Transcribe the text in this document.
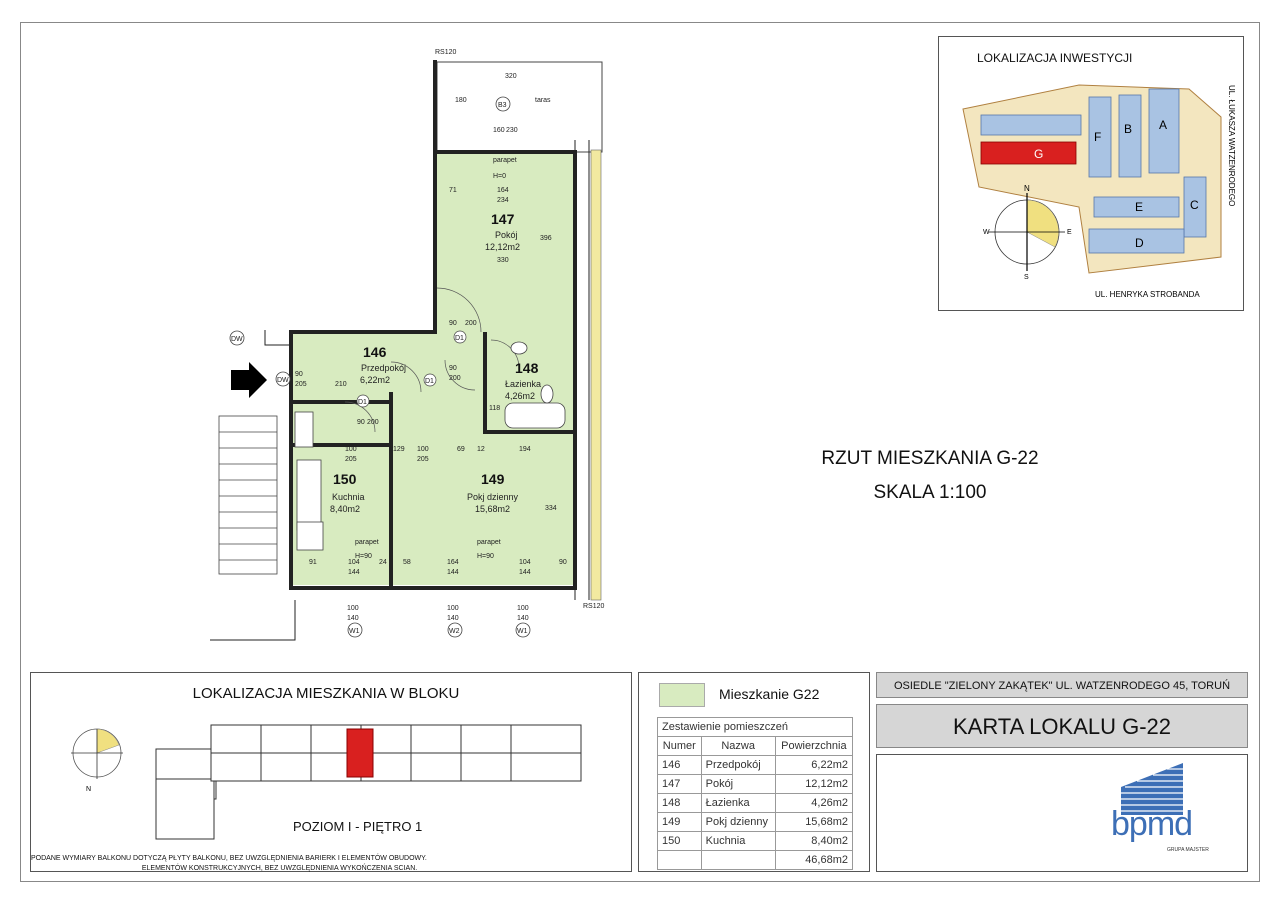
taras
320
180
B3
160 230
RS120
DW
DW	D1
D1
D1
147
Pokój
12,12m2
146
Przedpokój
6,22m2
148
Łazienka
4,26m2
150
Kuchnia
8,40m2
149
Pokj dzienny
15,68m2
parapet
H=0
parapet
H=90
parapet
H=90
71	164
234
396
330
90 200
90
205	210
90
200
118
90 200
100
205
129 100
205
69 12	194
334
91	104
144
24 58	164
144
104
144
90
100
140
100
140
100
140
RS120
W1	W2	W1
RZUT MIESZKANIA G-22
SKALA 1:100
LOKALIZACJA INWESTYCJI
G
F
B A
C
E
D
UL. ŁUKASZA WATZENRODEGO
UL. HENRYKA STROBANDA
N
S
W	E
LOKALIZACJA MIESZKANIA W BLOKU
N
POZIOM I - PIĘTRO 1
PODANE WYMIARY BALKONU DOTYCZĄ PŁYTY BALKONU, BEZ UWZGLĘDNIENIA BARIERK I ELEMENTÓW OBUDOWY.
ELEMENTÓW KONSTRUKCYJNYCH, BEZ UWZGLĘDNIENIA WYKOŃCZENIA SCIAN.
Mieszkanie G22
Zestawienie pomieszczeń		
Numer	Nazwa	Powierzchnia
146	Przedpokój	6,22m2
147	Pokój	12,12m2
148	Łazienka	4,26m2
149	Pokj dzienny	15,68m2
150	Kuchnia	8,40m2
		46,68m2
OSIEDLE "ZIELONY ZAKĄTEK" UL. WATZENRODEGO 45, TORUŃ
KARTA LOKALU G-22
bpmd
GRUPA MAJSTER
